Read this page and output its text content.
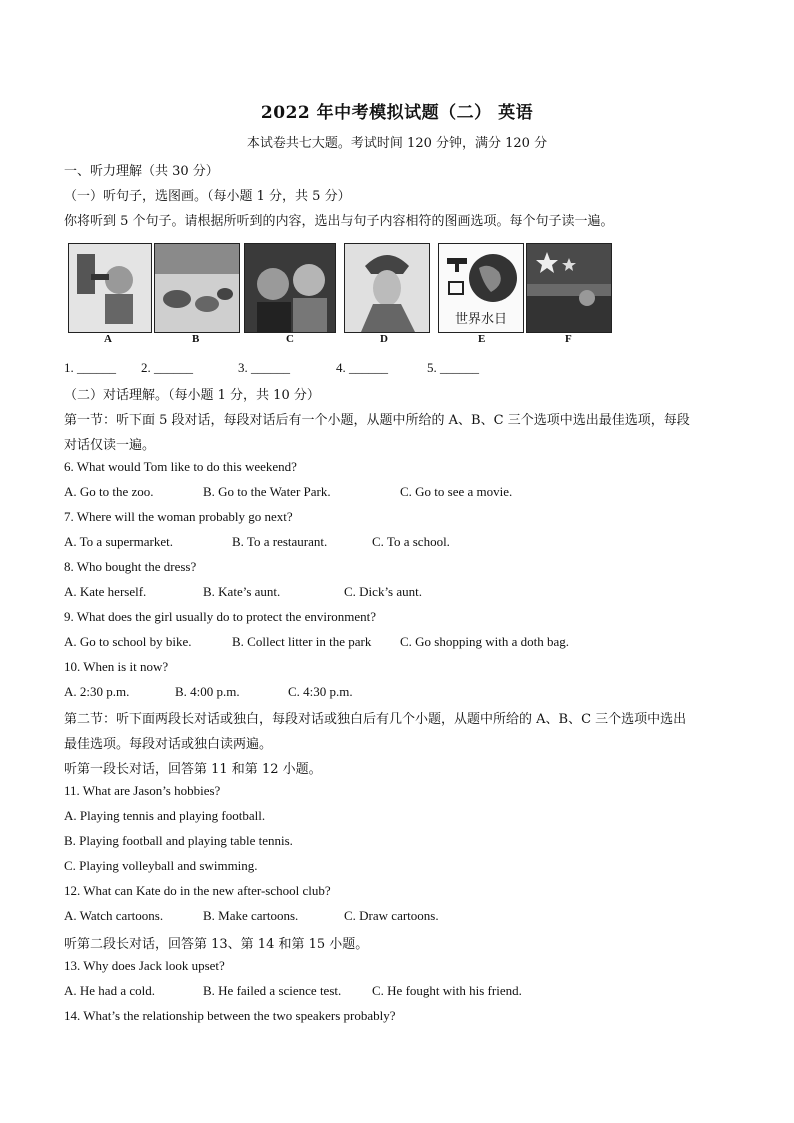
2022 年中考模拟试题（二） 英语
本试卷共七大题。考试时间 120 分钟，满分 120 分
一、听力理解（共 30 分）
（一）听句子，选图画。（每小题 1 分，共 5 分）
你将听到 5 个句子。请根据所听到的内容，选出与句子内容相符的图画选项。每个句子读一遍。
A	B	C	D
世界水日
E	F
1. ______ 2. ______	3. ______	4. ______	5. ______
（二）对话理解。（每小题 1 分，共 10 分）
第一节：听下面 5 段对话，每段对话后有一个小题，从题中所给的 A、B、C 三个选项中选出最佳选项，每段
对话仅读一遍。
6. What would Tom like to do this weekend?
A. Go to the zoo.	B. Go to the Water Park.	C. Go to see a movie.
7. Where will the woman probably go next?
A. To a supermarket.	B. To a restaurant.	C. To a school.
8. Who bought the dress?
A. Kate herself.	B. Kate’s aunt.	C. Dick’s aunt.
9. What does the girl usually do to protect the environment?
A. Go to school by bike.	B. Collect litter in the park C. Go shopping with a doth bag.
10. When is it now?
A. 2:30 p.m.	B. 4:00 p.m.	C. 4:30 p.m.
第二节：听下面两段长对话或独白，每段对话或独白后有几个小题，从题中所给的 A、B、C 三个选项中选出
最佳选项。每段对话或独白读两遍。
听第一段长对话，回答第 11 和第 12 小题。
11. What are Jason’s hobbies?
A. Playing tennis and playing football.
B. Playing football and playing table tennis.
C. Playing volleyball and swimming.
12. What can Kate do in the new after-school club?
A. Watch cartoons.	B. Make cartoons.	C. Draw cartoons.
听第二段长对话，回答第 13、第 14 和第 15 小题。
13. Why does Jack look upset?
A. He had a cold.	B. He failed a science test. C. He fought with his friend.
14. What’s the relationship between the two speakers probably?
